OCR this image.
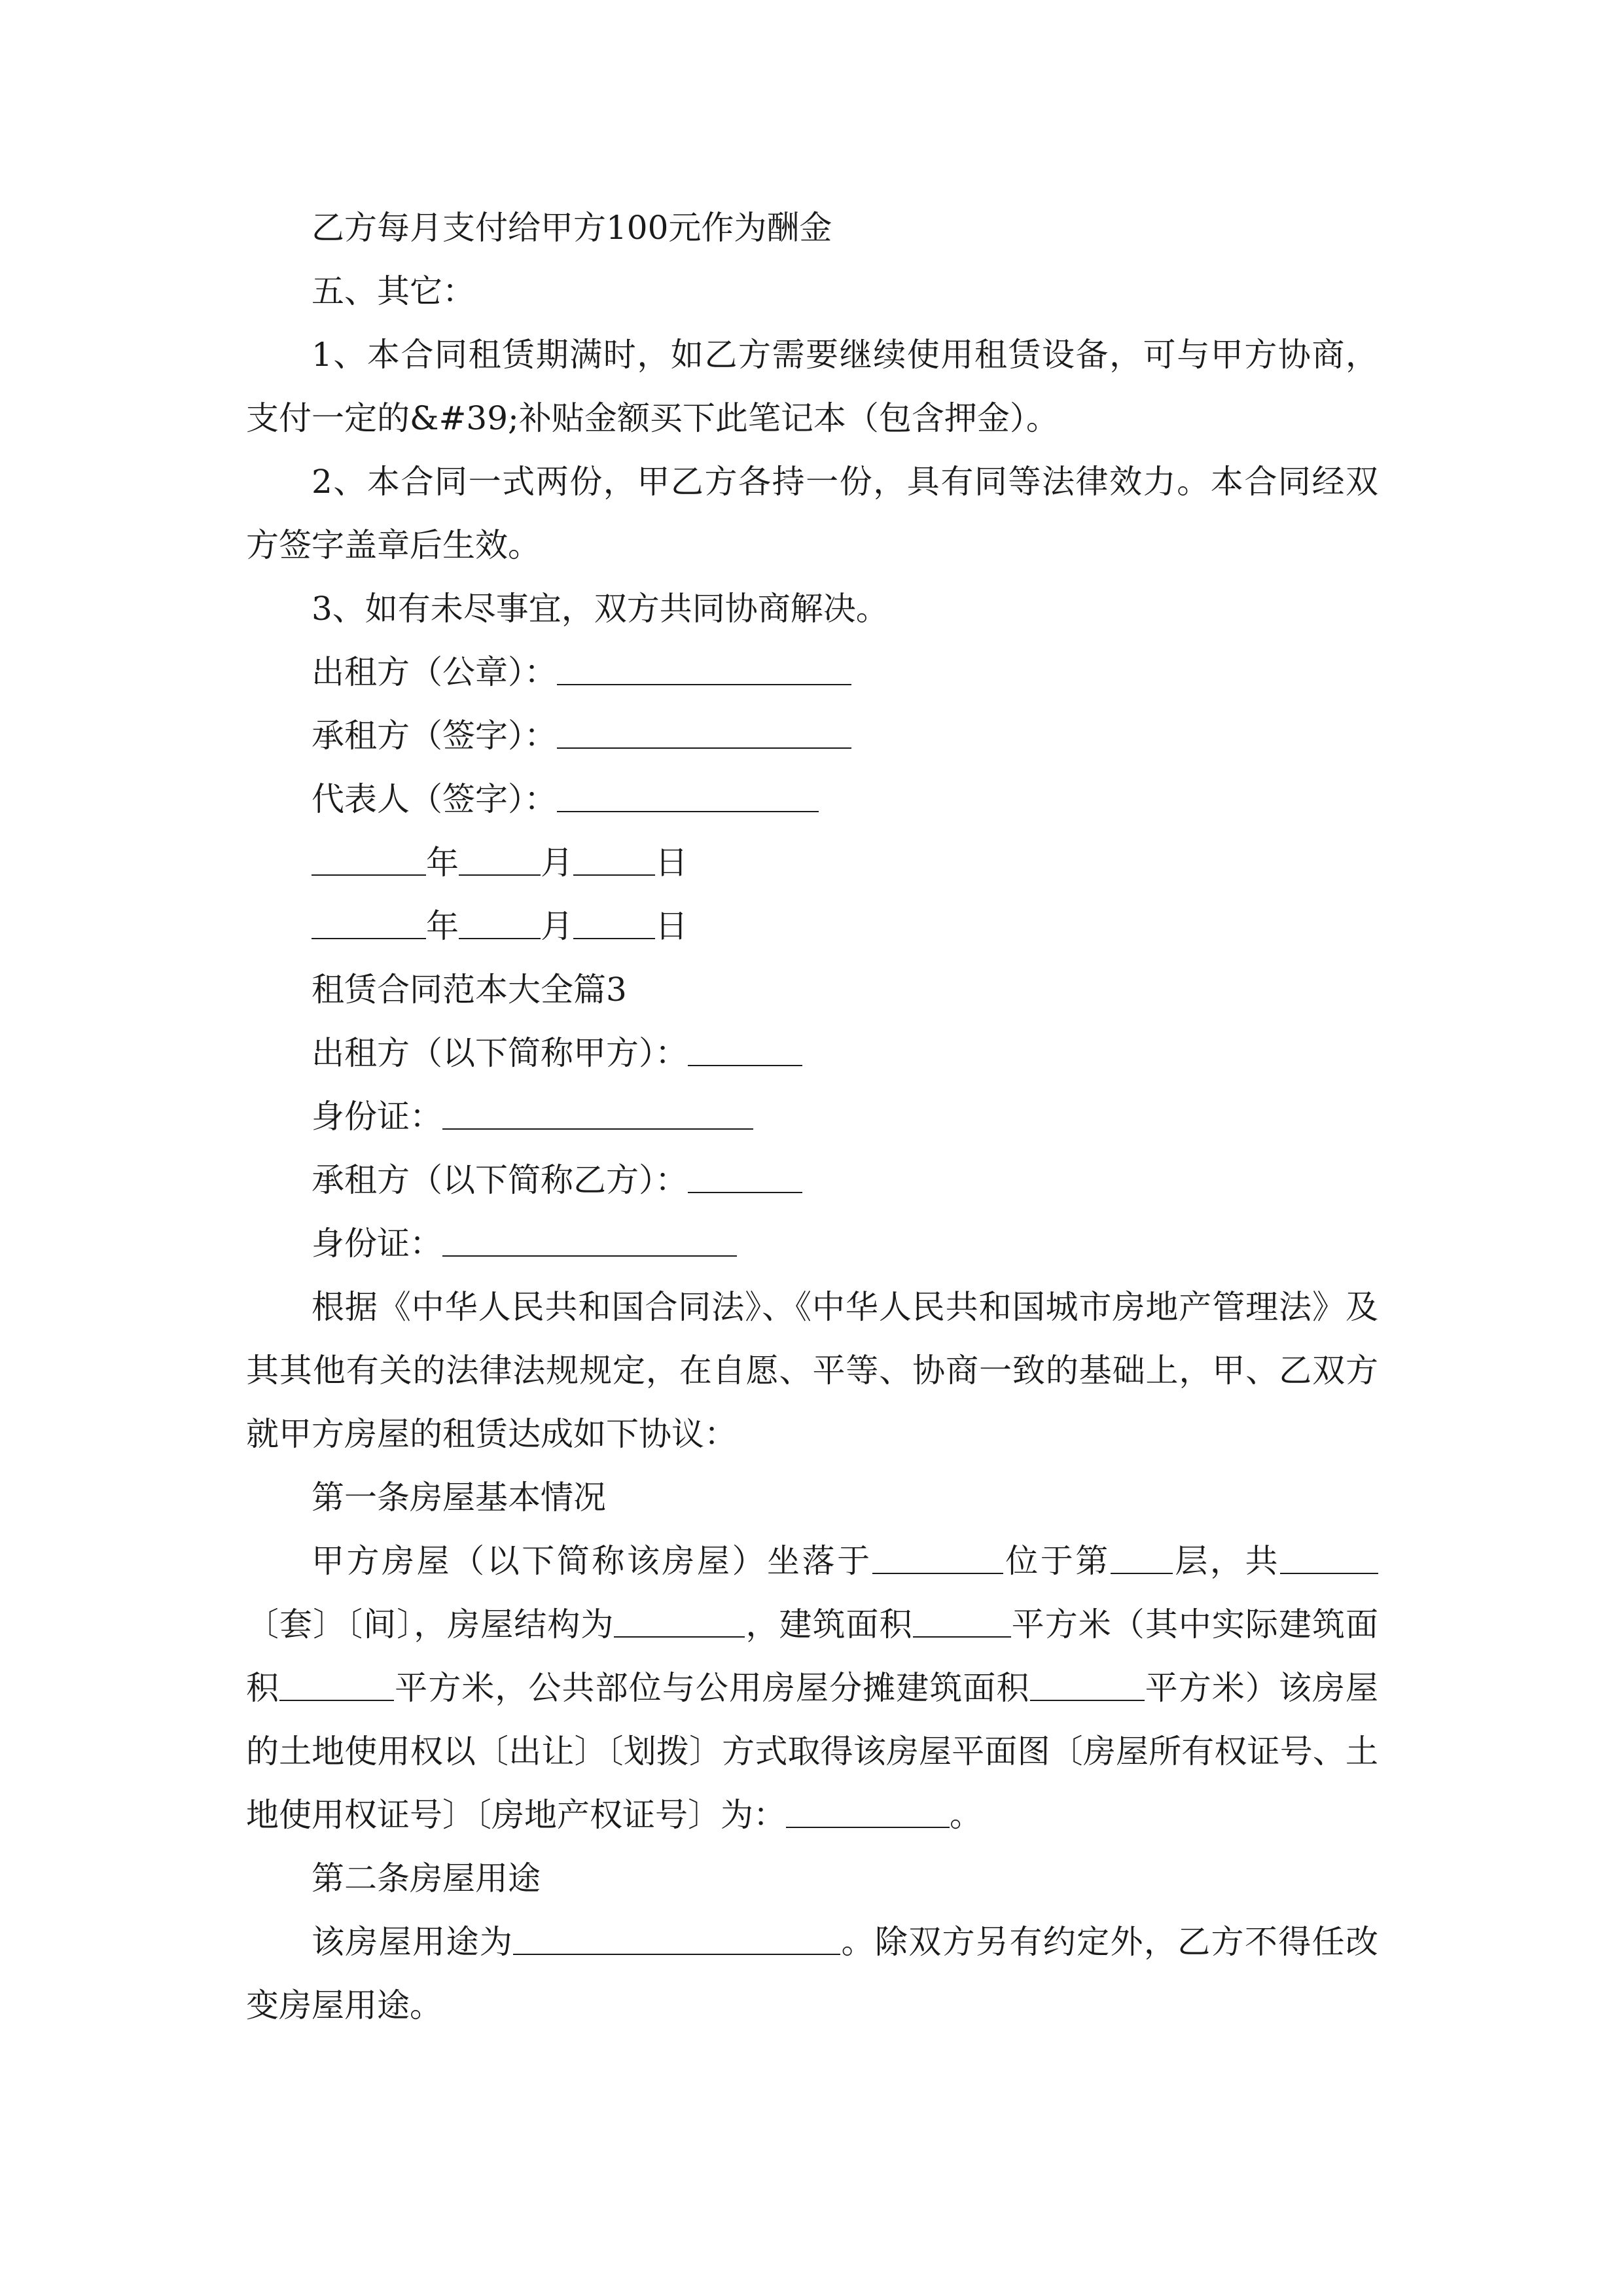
乙方每月支付给甲方100元作为酬金

五、其它：

1、本合同租赁期满时，如乙方需要继续使用租赁设备，可与甲方协商，支付一定的&#39;补贴金额买下此笔记本（包含押金）。

2、本合同一式两份，甲乙方各持一份，具有同等法律效力。本合同经双方签字盖章后生效。

3、如有未尽事宜，双方共同协商解决。

出租方（公章）：

承租方（签字）：

代表人（签字）：

年	月	日

年	月	日

租赁合同范本大全篇3

出租方（以下简称甲方）：

身份证：

承租方（以下简称乙方）：

身份证：

根据《中华人民共和国合同法》、《中华人民共和国城市房地产管理法》及其其他有关的法律法规规定，在自愿、平等、协商一致的基础上，甲、乙双方就甲方房屋的租赁达成如下协议：

第一条房屋基本情况

甲方房屋（以下简称该房屋）坐落于	位于第 层，共〔套〕〔间〕，房屋结构为	，建筑面积	平方米（其中实际建筑面积	平方米，公共部位与公用房屋分摊建筑面积	平方米）该房屋的土地使用权以〔出让〕〔划拨〕方式取得该房屋平面图〔房屋所有权证号、土地使用权证号〕〔房地产权证号〕为：	。

第二条房屋用途

该房屋用途为	。除双方另有约定外，乙方不得任改变房屋用途。
